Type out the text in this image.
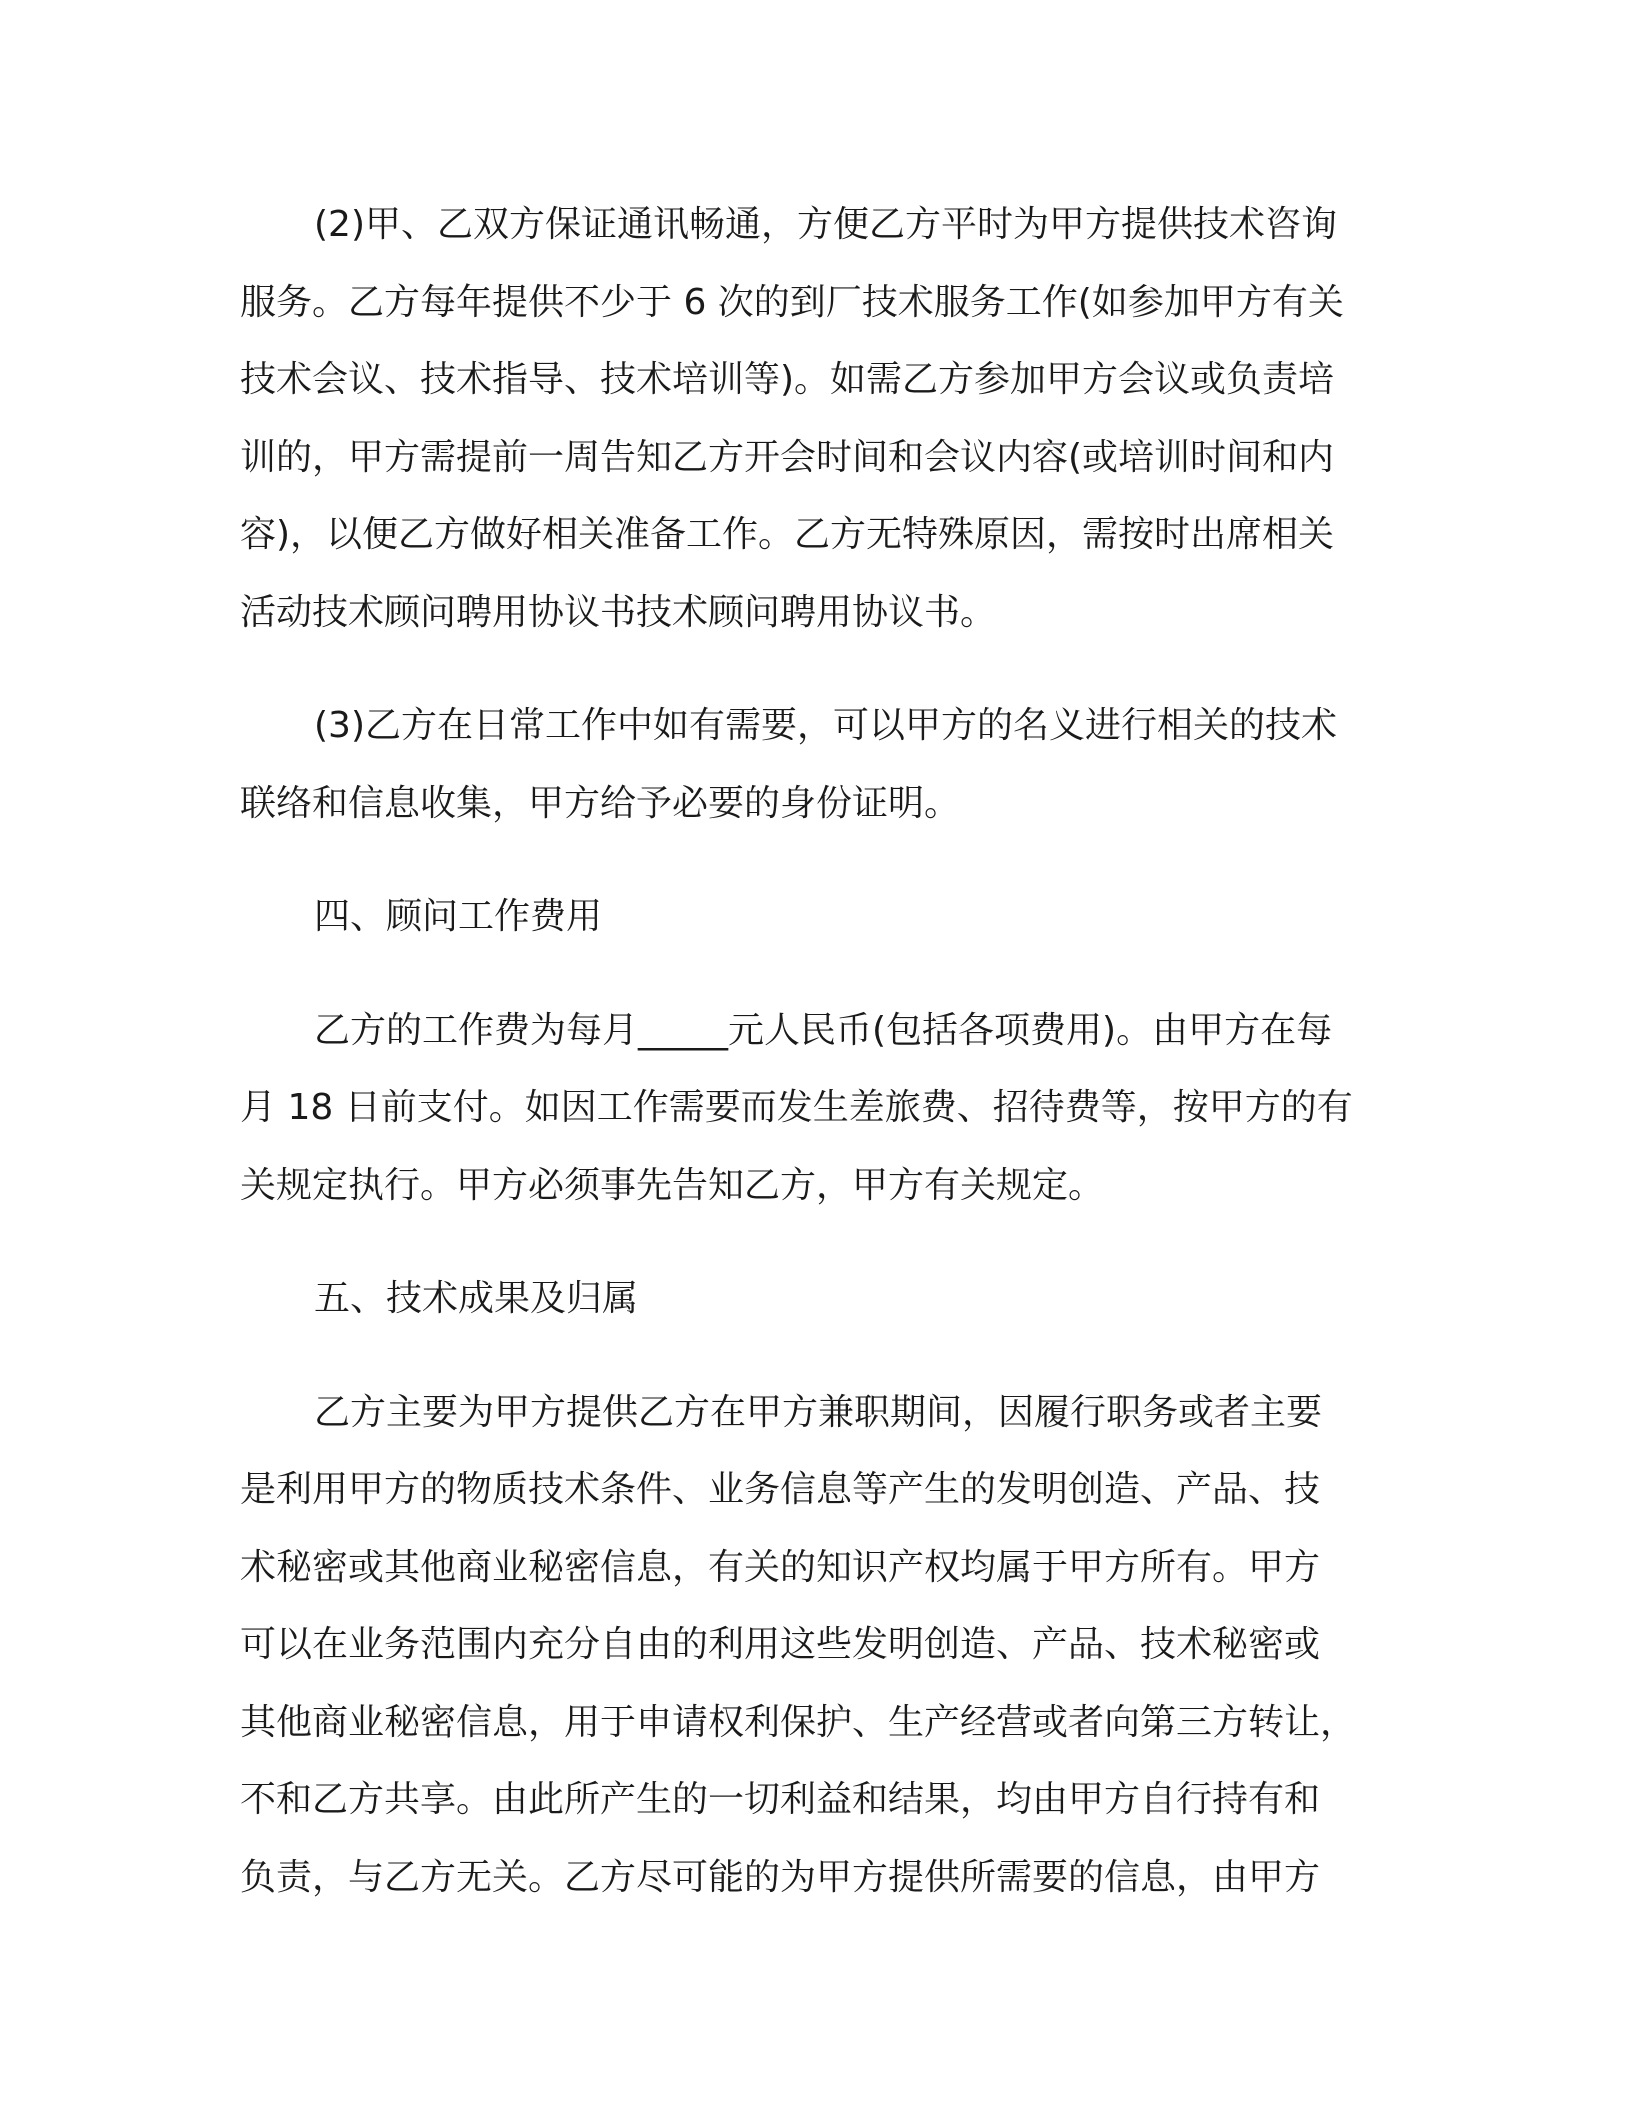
(2)甲、乙双方保证通讯畅通，方便乙方平时为甲方提供技术咨询
服务。乙方每年提供不少于 6 次的到厂技术服务工作(如参加甲方有关
技术会议、技术指导、技术培训等)。如需乙方参加甲方会议或负责培
训的，甲方需提前一周告知乙方开会时间和会议内容(或培训时间和内
容)，以便乙方做好相关准备工作。乙方无特殊原因，需按时出席相关
活动技术顾问聘用协议书技术顾问聘用协议书。
(3)乙方在日常工作中如有需要，可以甲方的名义进行相关的技术
联络和信息收集，甲方给予必要的身份证明。
四、顾问工作费用
乙方的工作费为每月_____元人民币(包括各项费用)。由甲方在每
月 18 日前支付。如因工作需要而发生差旅费、招待费等，按甲方的有
关规定执行。甲方必须事先告知乙方，甲方有关规定。
五、技术成果及归属
乙方主要为甲方提供乙方在甲方兼职期间，因履行职务或者主要
是利用甲方的物质技术条件、业务信息等产生的发明创造、产品、技
术秘密或其他商业秘密信息，有关的知识产权均属于甲方所有。甲方
可以在业务范围内充分自由的利用这些发明创造、产品、技术秘密或
其他商业秘密信息，用于申请权利保护、生产经营或者向第三方转让，
不和乙方共享。由此所产生的一切利益和结果，均由甲方自行持有和
负责，与乙方无关。乙方尽可能的为甲方提供所需要的信息，由甲方
